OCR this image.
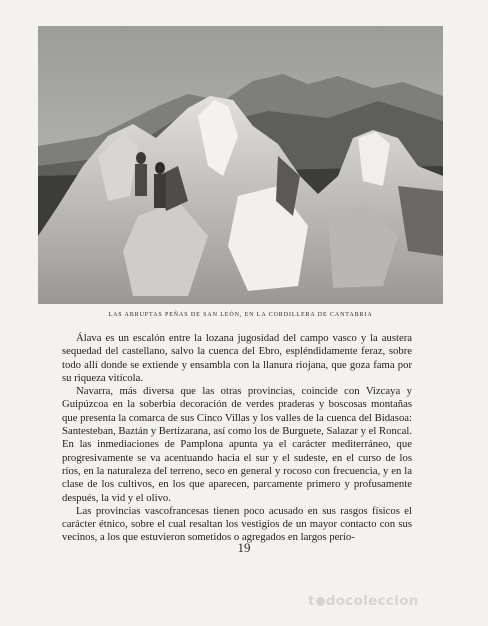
LAS ABRUPTAS PEÑAS DE SAN LEÓN, EN LA CORDILLERA DE CANTABRIA

Álava es un escalón entre la lozana jugosidad del campo vasco y la austera sequedad del castellano, salvo la cuenca del Ebro, espléndidamente feraz, sobre todo allí donde se extiende y ensambla con la llanura riojana, que goza fama por su riqueza vitícola.

Navarra, más diversa que las otras provincias, coincide con Vizcaya y Guipúzcoa en la soberbia decoración de verdes praderas y boscosas montañas que presenta la comarca de sus Cinco Villas y los valles de la cuenca del Bidasoa: Santesteban, Baztán y Bertizarana, así como los de Burguete, Salazar y el Roncal. En las inmediaciones de Pamplona apunta ya el carácter mediterráneo, que progresivamente se va acentuando hacia el sur y el sudeste, en el curso de los ríos, en la naturaleza del terreno, seco en general y rocoso con frecuencia, y en la clase de los cultivos, en los que aparecen, parcamente primero y profusamente después, la vid y el olivo.

Las provincias vascofrancesas tienen poco acusado en sus rasgos físicos el carácter étnico, sobre el cual resaltan los vestigios de un mayor contacto con sus vecinos, a los que estuvieron sometidos o agregados en largos perío-

19
t docoleccion
